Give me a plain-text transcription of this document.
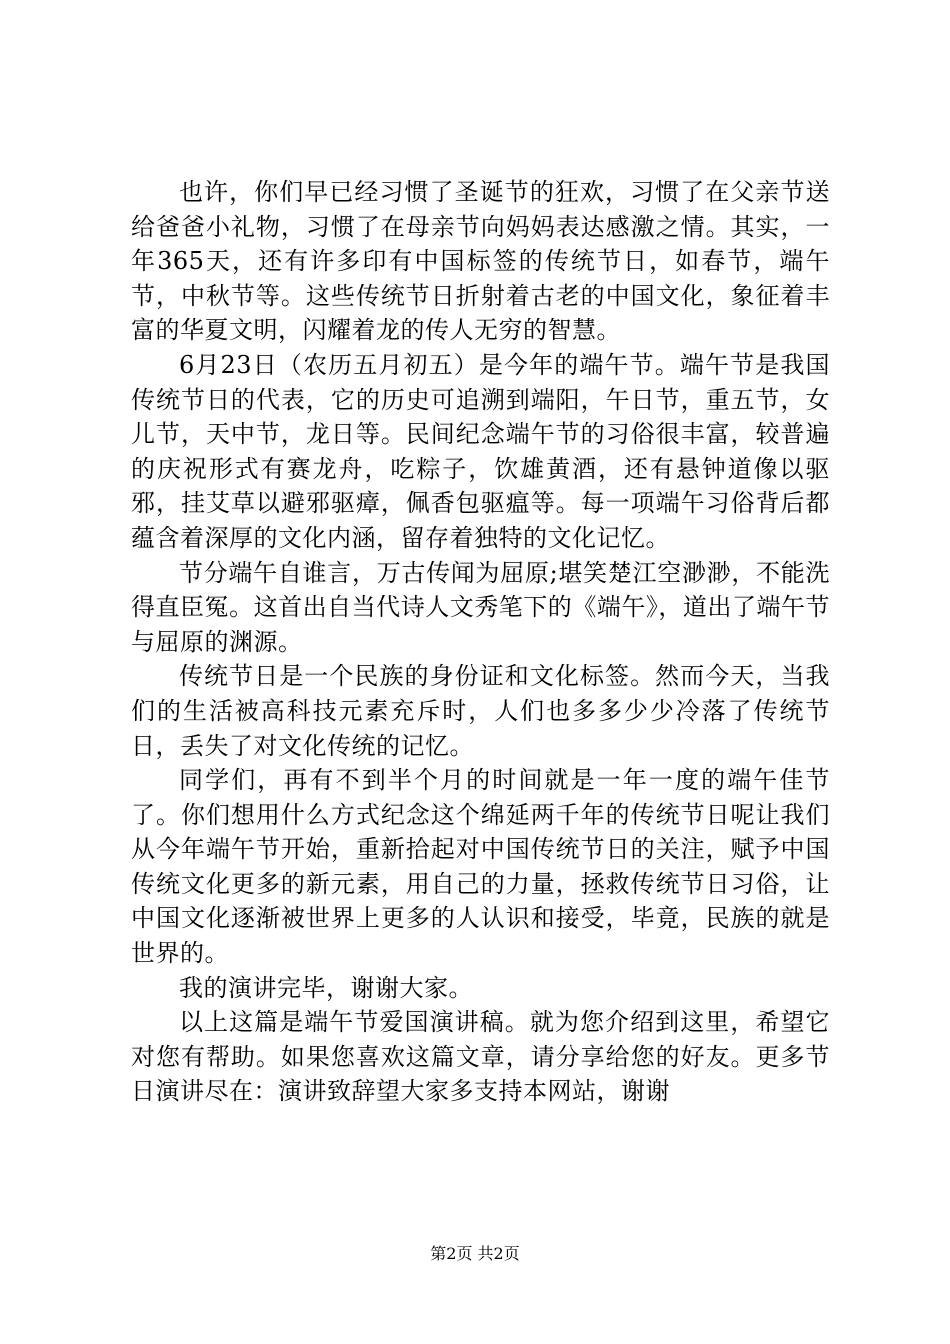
也许，你们早已经习惯了圣诞节的狂欢，习惯了在父亲节送给爸爸小礼物，习惯了在母亲节向妈妈表达感激之情。其实，一年365天，还有许多印有中国标签的传统节日，如春节，端午节，中秋节等。这些传统节日折射着古老的中国文化，象征着丰富的华夏文明，闪耀着龙的传人无穷的智慧。

6月23日（农历五月初五）是今年的端午节。端午节是我国传统节日的代表，它的历史可追溯到端阳，午日节，重五节，女儿节，天中节，龙日等。民间纪念端午节的习俗很丰富，较普遍的庆祝形式有赛龙舟，吃粽子，饮雄黄酒，还有悬钟道像以驱邪，挂艾草以避邪驱瘴，佩香包驱瘟等。每一项端午习俗背后都蕴含着深厚的文化内涵，留存着独特的文化记忆。

节分端午自谁言，万古传闻为屈原;堪笑楚江空渺渺，不能洗得直臣冤。这首出自当代诗人文秀笔下的《端午》，道出了端午节与屈原的渊源。

传统节日是一个民族的身份证和文化标签。然而今天，当我们的生活被高科技元素充斥时，人们也多多少少冷落了传统节日，丢失了对文化传统的记忆。

同学们，再有不到半个月的时间就是一年一度的端午佳节了。你们想用什么方式纪念这个绵延两千年的传统节日呢让我们从今年端午节开始，重新拾起对中国传统节日的关注，赋予中国传统文化更多的新元素，用自己的力量，拯救传统节日习俗，让中国文化逐渐被世界上更多的人认识和接受，毕竟，民族的就是世界的。

我的演讲完毕，谢谢大家。

以上这篇是端午节爱国演讲稿。就为您介绍到这里，希望它对您有帮助。如果您喜欢这篇文章，请分享给您的好友。更多节日演讲尽在：演讲致辞望大家多支持本网站，谢谢

第2页 共2页
